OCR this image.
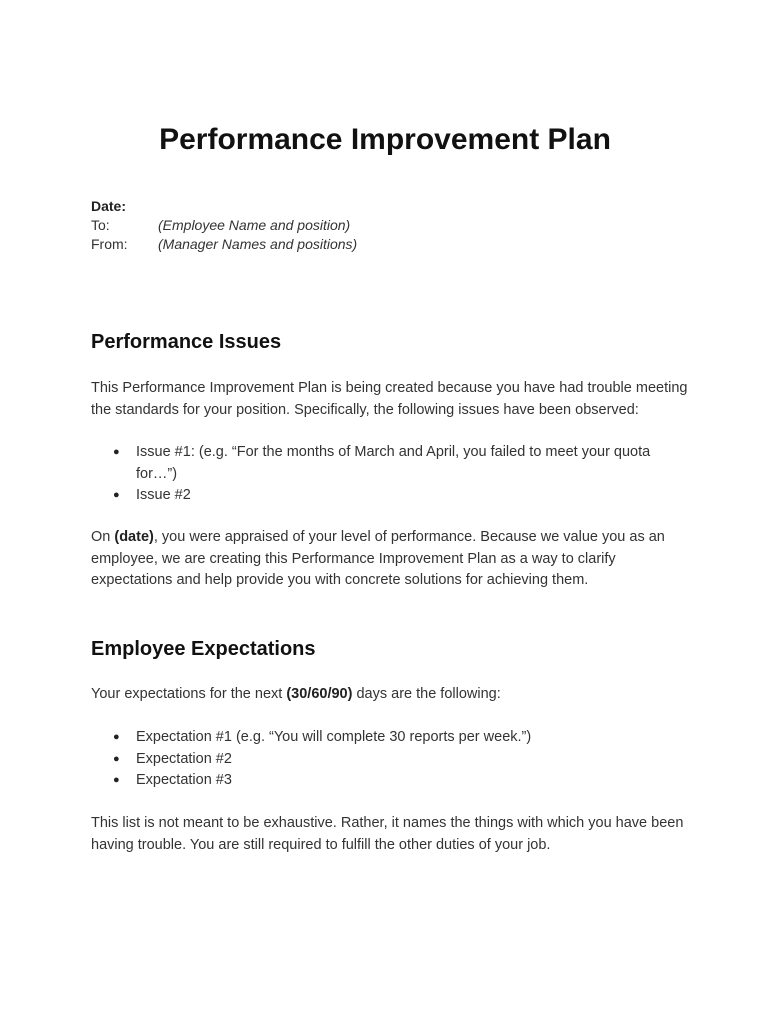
Performance Improvement Plan
Date:
To:	(Employee Name and position)
From:	(Manager Names and positions)
Performance Issues

This Performance Improvement Plan is being created because you have had trouble meeting the standards for your position. Specifically, the following issues have been observed:

● Issue #1: (e.g. “For the months of March and April, you failed to meet your quota for…”)
● Issue #2

On (date), you were appraised of your level of performance. Because we value you as an employee, we are creating this Performance Improvement Plan as a way to clarify expectations and help provide you with concrete solutions for achieving them.

Employee Expectations

Your expectations for the next (30/60/90) days are the following:

● Expectation #1 (e.g. “You will complete 30 reports per week.”)
● Expectation #2
● Expectation #3

This list is not meant to be exhaustive. Rather, it names the things with which you have been having trouble. You are still required to fulfill the other duties of your job.
